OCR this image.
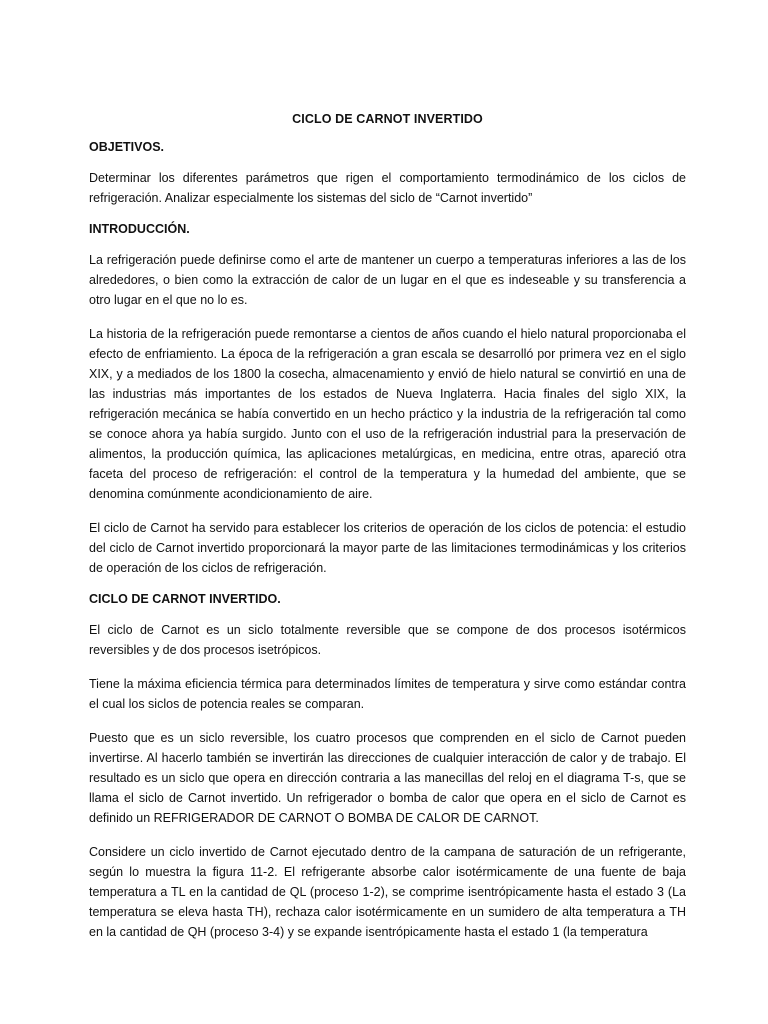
CICLO DE CARNOT INVERTIDO
OBJETIVOS.

Determinar los diferentes parámetros que rigen el comportamiento termodinámico de los ciclos de refrigeración. Analizar especialmente los sistemas del siclo de “Carnot invertido”

INTRODUCCIÓN.

La refrigeración puede definirse como el arte de mantener un cuerpo a temperaturas inferiores a las de los alrededores, o bien como la extracción de calor de un lugar en el que es indeseable y su transferencia a otro lugar en el que no lo es.

La historia de la refrigeración puede remontarse a cientos de años cuando el hielo natural proporcionaba el efecto de enfriamiento. La época de la refrigeración a gran escala se desarrolló por primera vez en el siglo XIX, y a mediados de los 1800 la cosecha, almacenamiento y envió de hielo natural se convirtió en una de las industrias más importantes de los estados de Nueva Inglaterra. Hacia finales del siglo XIX, la refrigeración mecánica se había convertido en un hecho práctico y la industria de la refrigeración tal como se conoce ahora ya había surgido. Junto con el uso de la refrigeración industrial para la preservación de alimentos, la producción química, las aplicaciones metalúrgicas, en medicina, entre otras, apareció otra faceta del proceso de refrigeración: el control de la temperatura y la humedad del ambiente, que se denomina comúnmente acondicionamiento de aire.

El ciclo de Carnot ha servido para establecer los criterios de operación de los ciclos de potencia: el estudio del ciclo de Carnot invertido proporcionará la mayor parte de las limitaciones termodinámicas y los criterios de operación de los ciclos de refrigeración.

CICLO DE CARNOT INVERTIDO.

El ciclo de Carnot es un siclo totalmente reversible que se compone de dos procesos isotérmicos reversibles y de dos procesos isetrópicos.

Tiene la máxima eficiencia térmica para determinados límites de temperatura y sirve como estándar contra el cual los siclos de potencia reales se comparan.

Puesto que es un siclo reversible, los cuatro procesos que comprenden en el siclo de Carnot pueden invertirse. Al hacerlo también se invertirán las direcciones de cualquier interacción de calor y de trabajo. El resultado es un siclo que opera en dirección contraria a las manecillas del reloj en el diagrama T-s, que se llama el siclo de Carnot invertido. Un refrigerador o bomba de calor que opera en el siclo de Carnot es definido un REFRIGERADOR DE CARNOT O BOMBA DE CALOR DE CARNOT.

Considere un ciclo invertido de Carnot ejecutado dentro de la campana de saturación de un refrigerante, según lo muestra la figura 11-2. El refrigerante absorbe calor isotérmicamente de una fuente de baja temperatura a TL en la cantidad de QL (proceso 1-2), se comprime isentrópicamente hasta el estado 3 (La temperatura se eleva hasta TH), rechaza calor isotérmicamente en un sumidero de alta temperatura a TH en la cantidad de QH (proceso 3-4) y se expande isentrópicamente hasta el estado 1 (la temperatura
